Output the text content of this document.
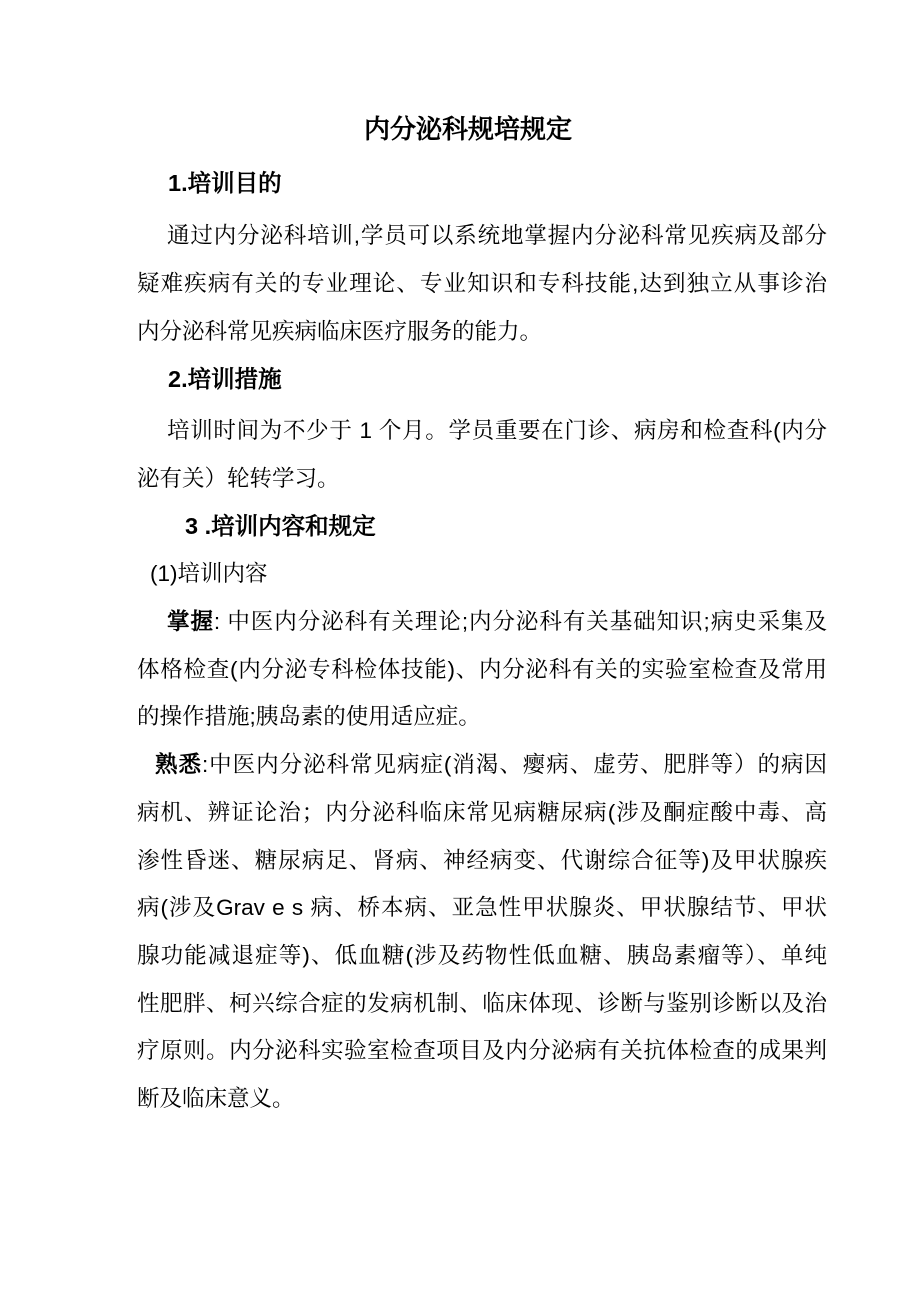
内分泌科规培规定
1.培训目的
通过内分泌科培训,学员可以系统地掌握内分泌科常见疾病及部分
疑难疾病有关的专业理论、专业知识和专科技能,达到独立从事诊治
内分泌科常见疾病临床医疗服务的能力。
2.培训措施
培训时间为不少于 1 个月。学员重要在门诊、病房和检查科(内分
泌有关）轮转学习。
3 .培训内容和规定
(1)培训内容
掌握: 中医内分泌科有关理论;内分泌科有关基础知识;病史采集及
体格检查(内分泌专科检体技能)、内分泌科有关的实验室检查及常用
的操作措施;胰岛素的使用适应症。
熟悉:中医内分泌科常见病症(消渴、瘿病、虚劳、肥胖等）的病因
病机、辨证论治；内分泌科临床常见病糖尿病(涉及酮症酸中毒、高
渗性昏迷、糖尿病足、肾病、神经病变、代谢综合征等)及甲状腺疾
病(涉及Grav e s 病、桥本病、亚急性甲状腺炎、甲状腺结节、甲状
腺功能减退症等)、低血糖(涉及药物性低血糖、胰岛素瘤等）、单纯
性肥胖、柯兴综合症的发病机制、临床体现、诊断与鉴别诊断以及治
疗原则。内分泌科实验室检查项目及内分泌病有关抗体检查的成果判
断及临床意义。
